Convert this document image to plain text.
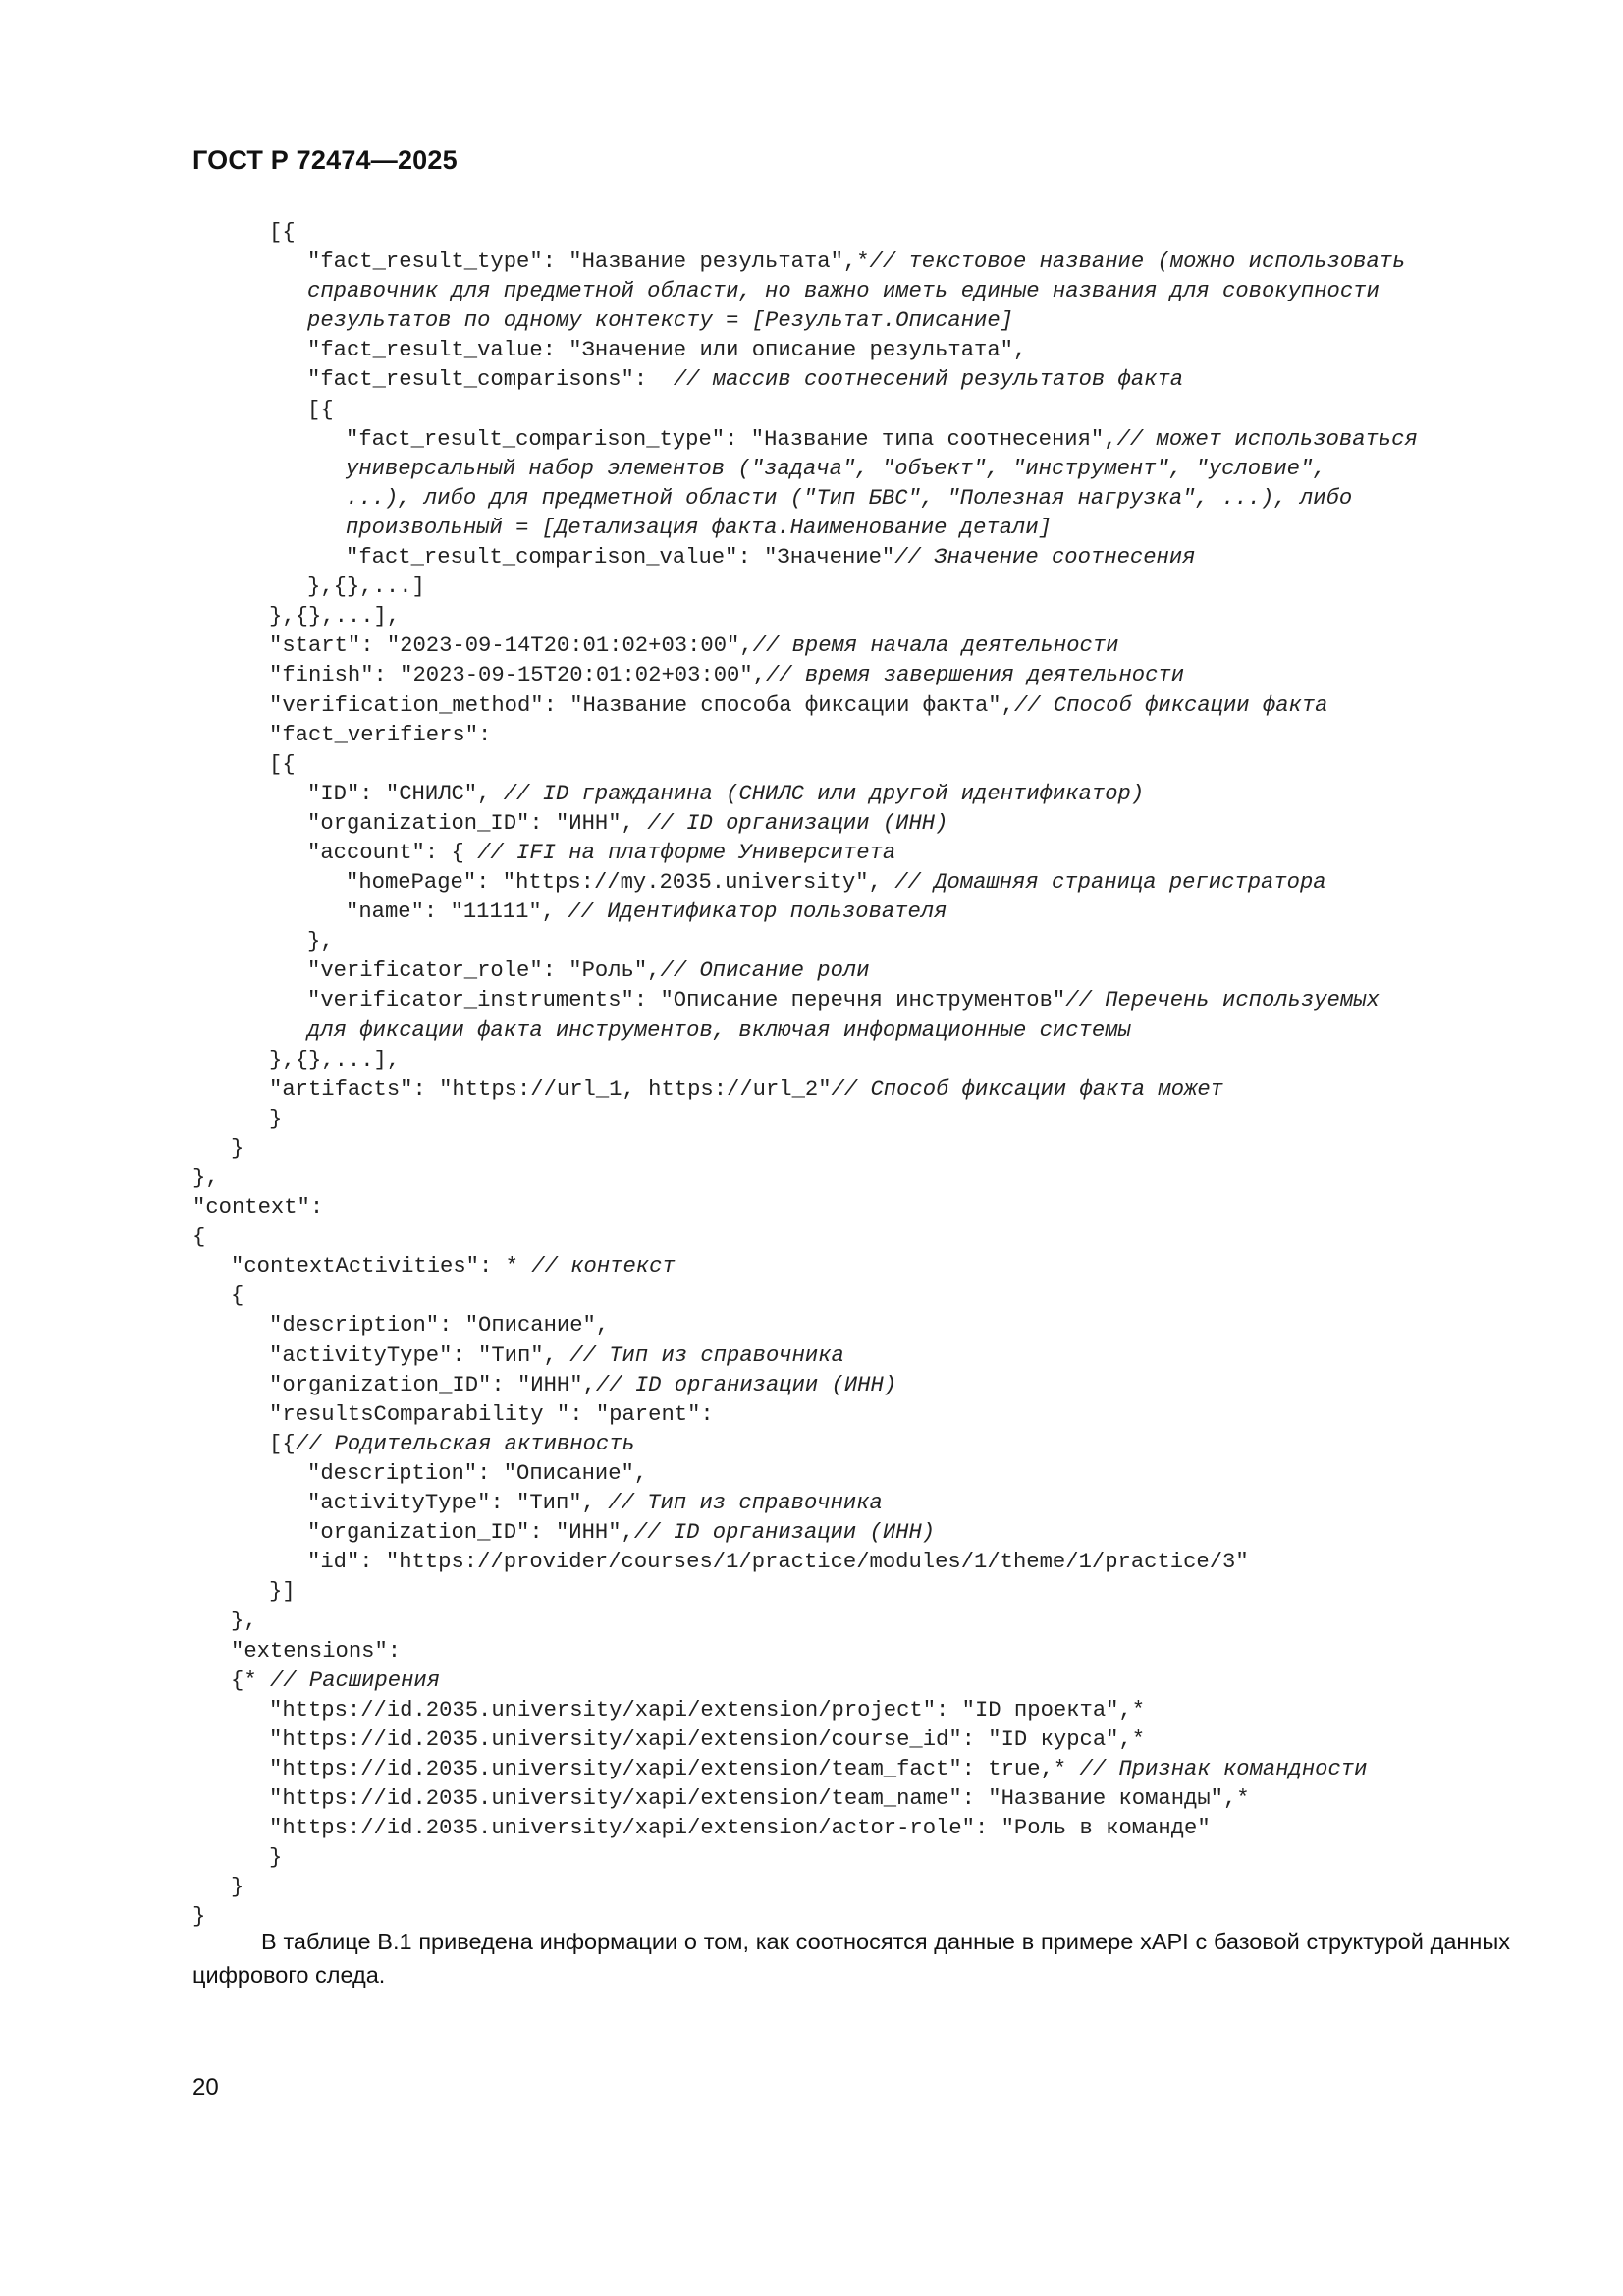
ГОСТ Р 72474—2025
[{
"fact_result_type": "Название результата",*// текстовое название (можно использовать
справочник для предметной области, но важно иметь единые названия для совокупности
результатов по одному контексту = [Результат.Описание]
"fact_result_value: "Значение или описание результата",
"fact_result_comparisons":  // массив соотнесений результатов факта
[{
"fact_result_comparison_type": "Название типа соотнесения",// может использоваться
универсальный набор элементов ("задача", "объект", "инструмент", "условие",
...), либо для предметной области ("Тип БВС", "Полезная нагрузка", ...), либо
произвольный = [Детализация факта.Наименование детали]
"fact_result_comparison_value": "Значение"// Значение соотнесения
},{},...]
},{},...],
"start": "2023-09-14T20:01:02+03:00",// время начала деятельности
"finish": "2023-09-15T20:01:02+03:00",// время завершения деятельности
"verification_method": "Название способа фиксации факта",// Способ фиксации факта
"fact_verifiers":
[{
"ID": "СНИЛС", // ID гражданина (СНИЛС или другой идентификатор)
"organization_ID": "ИНН", // ID организации (ИНН)
"account": { // IFI на платформе Университета
"homePage": "https://my.2035.university", // Домашняя страница регистратора
"name": "11111", // Идентификатор пользователя
},
"verificator_role": "Роль",// Описание роли
"verificator_instruments": "Описание перечня инструментов"// Перечень используемых
для фиксации факта инструментов, включая информационные системы
},{},...],
"artifacts": "https://url_1, https://url_2"// Способ фиксации факта может
}
}
},
"context":
{
"contextActivities": * // контекст
{
"description": "Описание",
"activityType": "Тип", // Тип из справочника
"organization_ID": "ИНН",// ID организации (ИНН)
"resultsComparability ": "parent":
[{// Родительская активность
"description": "Описание",
"activityType": "Тип", // Тип из справочника
"organization_ID": "ИНН",// ID организации (ИНН)
"id": "https://provider/courses/1/practice/modules/1/theme/1/practice/3"
}]
},
"extensions":
{* // Расширения
"https://id.2035.university/xapi/extension/project": "ID проекта",*
"https://id.2035.university/xapi/extension/course_id": "ID курса",*
"https://id.2035.university/xapi/extension/team_fact": true,* // Признак командности
"https://id.2035.university/xapi/extension/team_name": "Название команды",*
"https://id.2035.university/xapi/extension/actor-role": "Роль в команде"
}
}
}

В таблице В.1 приведена информации о том, как соотносятся данные в примере xAPI с базовой структурой данных цифрового следа.

20
